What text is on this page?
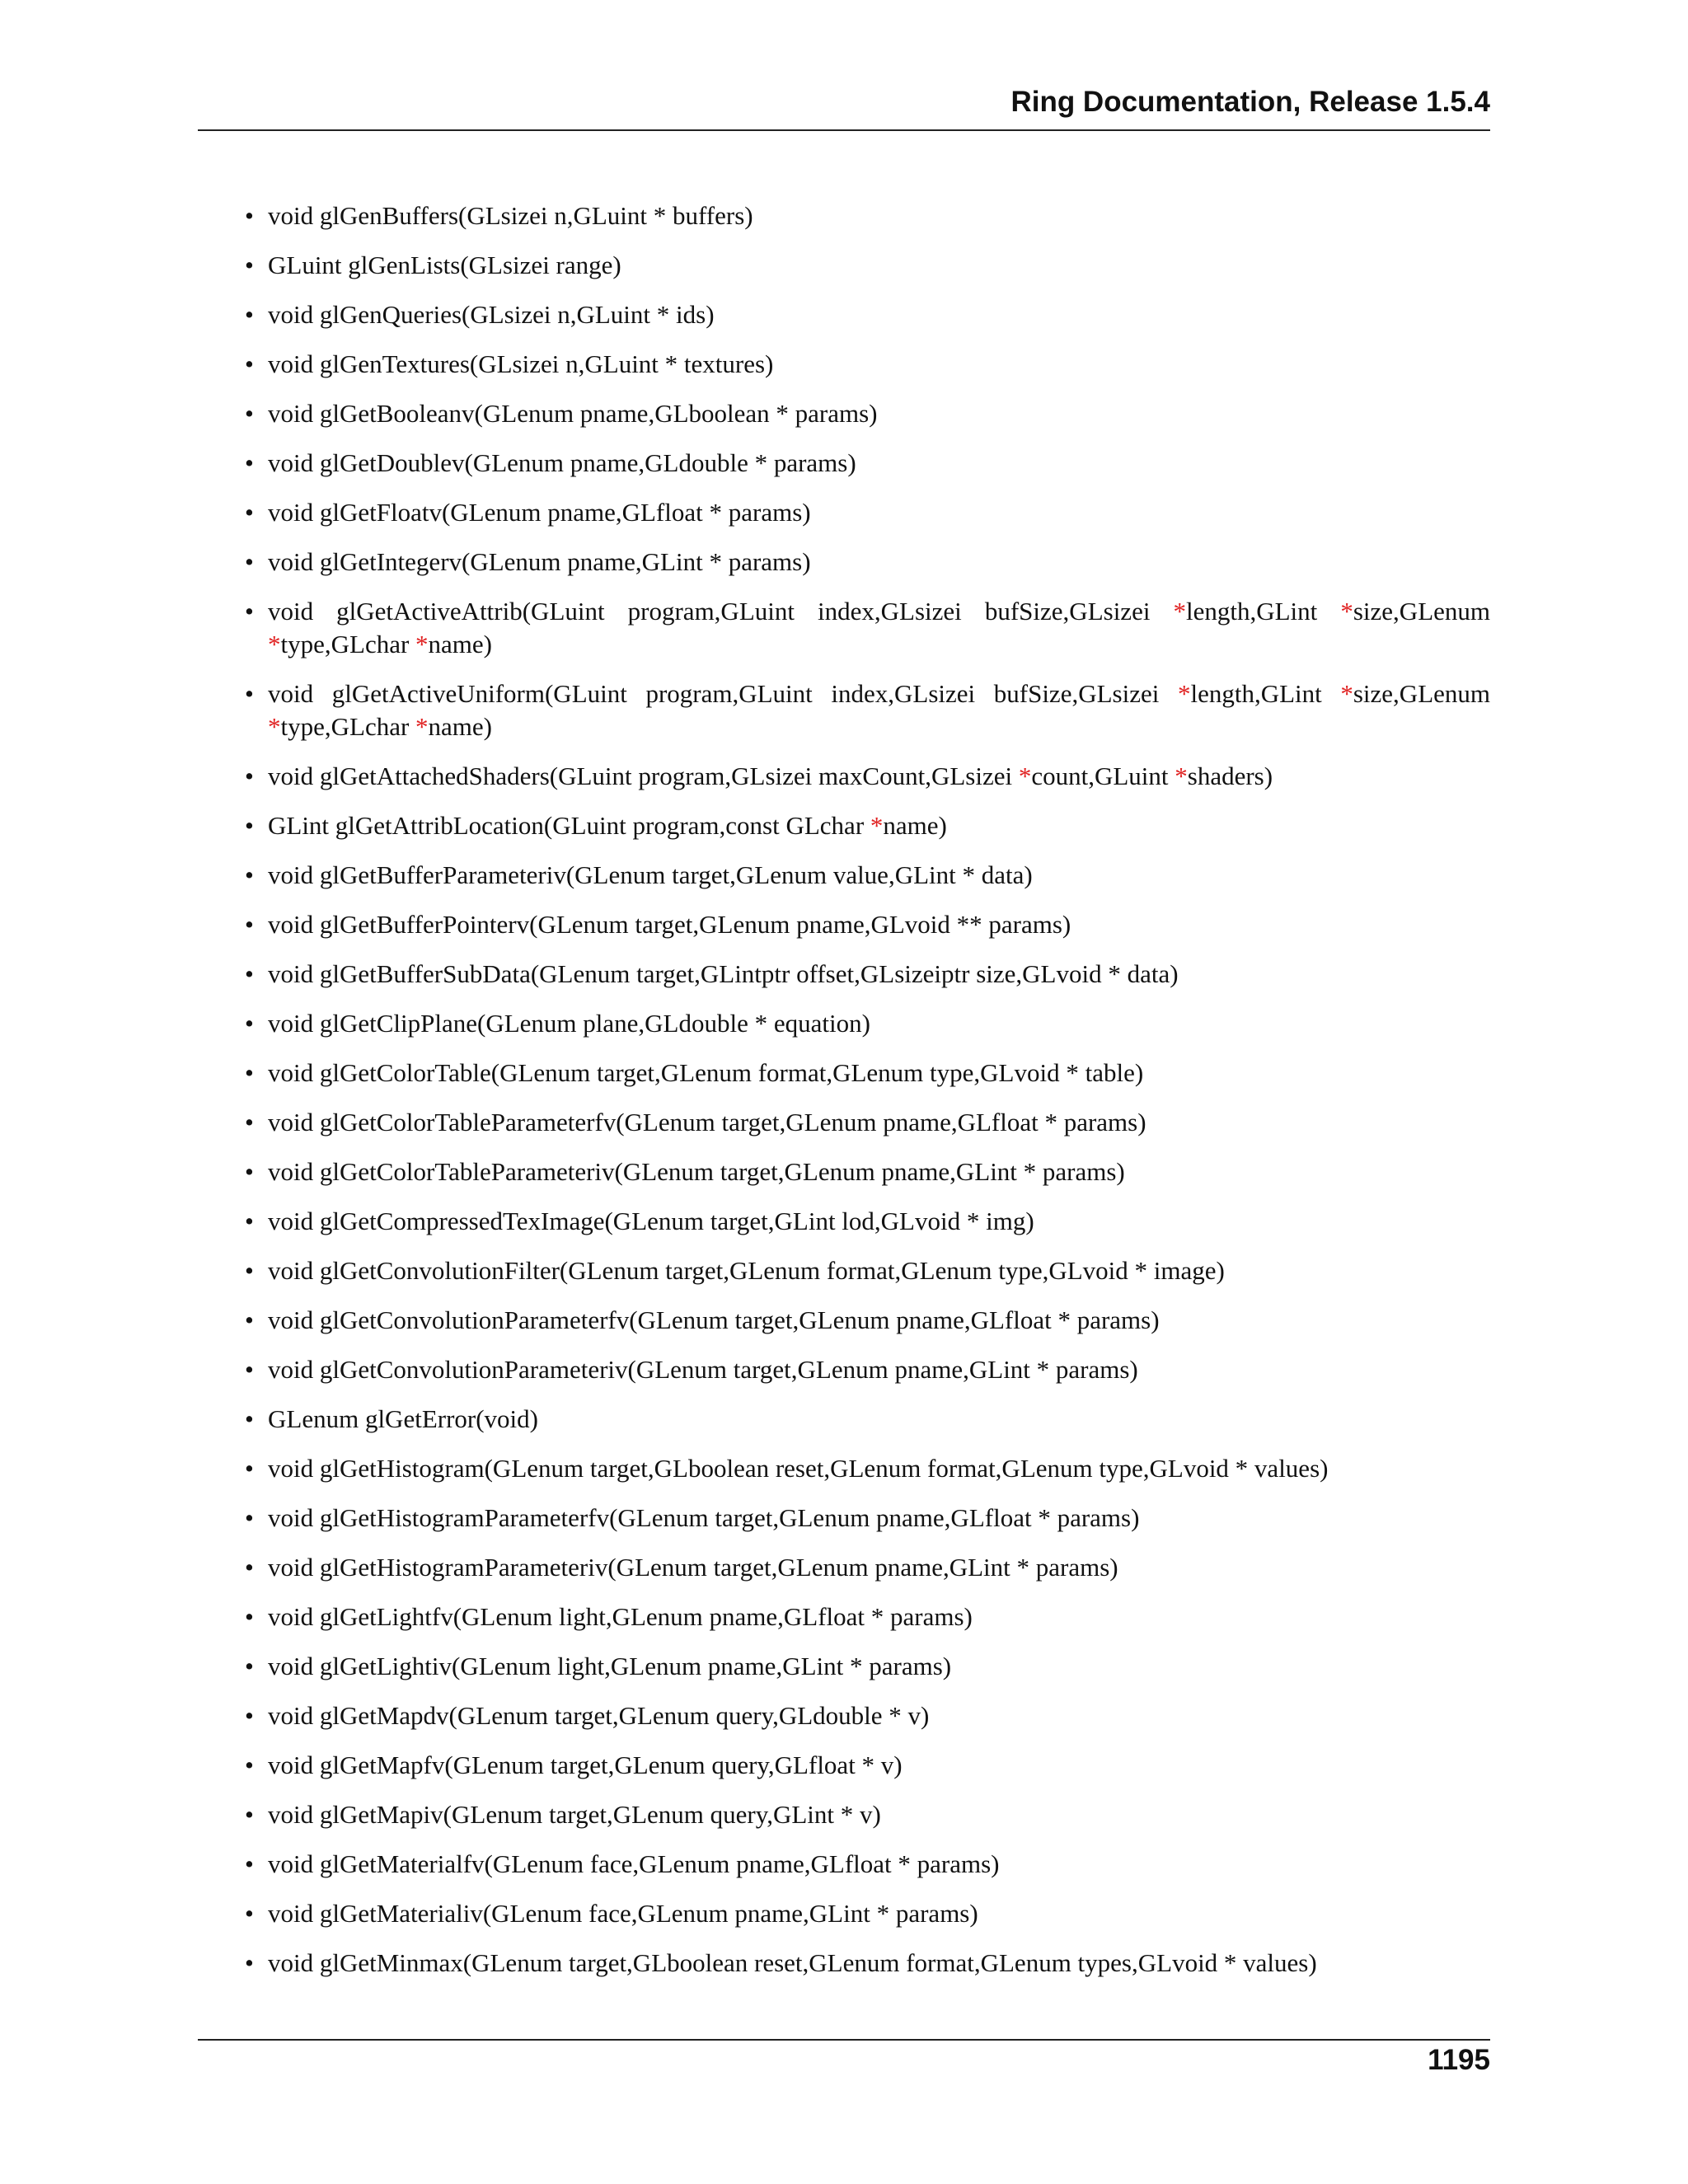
Ring Documentation, Release 1.5.4
• void glGenBuffers(GLsizei n,GLuint * buffers)
• GLuint glGenLists(GLsizei range)
• void glGenQueries(GLsizei n,GLuint * ids)
• void glGenTextures(GLsizei n,GLuint * textures)
• void glGetBooleanv(GLenum pname,GLboolean * params)
• void glGetDoublev(GLenum pname,GLdouble * params)
• void glGetFloatv(GLenum pname,GLfloat * params)
• void glGetIntegerv(GLenum pname,GLint * params)
• void glGetActiveAttrib(GLuint program,GLuint index,GLsizei bufSize,GLsizei *length,GLint *size,GLenum *type,GLchar *name)
• void glGetActiveUniform(GLuint program,GLuint index,GLsizei bufSize,GLsizei *length,GLint *size,GLenum *type,GLchar *name)
• void glGetAttachedShaders(GLuint program,GLsizei maxCount,GLsizei *count,GLuint *shaders)
• GLint glGetAttribLocation(GLuint program,const GLchar *name)
• void glGetBufferParameteriv(GLenum target,GLenum value,GLint * data)
• void glGetBufferPointerv(GLenum target,GLenum pname,GLvoid ** params)
• void glGetBufferSubData(GLenum target,GLintptr offset,GLsizeiptr size,GLvoid * data)
• void glGetClipPlane(GLenum plane,GLdouble * equation)
• void glGetColorTable(GLenum target,GLenum format,GLenum type,GLvoid * table)
• void glGetColorTableParameterfv(GLenum target,GLenum pname,GLfloat * params)
• void glGetColorTableParameteriv(GLenum target,GLenum pname,GLint * params)
• void glGetCompressedTexImage(GLenum target,GLint lod,GLvoid * img)
• void glGetConvolutionFilter(GLenum target,GLenum format,GLenum type,GLvoid * image)
• void glGetConvolutionParameterfv(GLenum target,GLenum pname,GLfloat * params)
• void glGetConvolutionParameteriv(GLenum target,GLenum pname,GLint * params)
• GLenum glGetError(void)
• void glGetHistogram(GLenum target,GLboolean reset,GLenum format,GLenum type,GLvoid * values)
• void glGetHistogramParameterfv(GLenum target,GLenum pname,GLfloat * params)
• void glGetHistogramParameteriv(GLenum target,GLenum pname,GLint * params)
• void glGetLightfv(GLenum light,GLenum pname,GLfloat * params)
• void glGetLightiv(GLenum light,GLenum pname,GLint * params)
• void glGetMapdv(GLenum target,GLenum query,GLdouble * v)
• void glGetMapfv(GLenum target,GLenum query,GLfloat * v)
• void glGetMapiv(GLenum target,GLenum query,GLint * v)
• void glGetMaterialfv(GLenum face,GLenum pname,GLfloat * params)
• void glGetMaterialiv(GLenum face,GLenum pname,GLint * params)
• void glGetMinmax(GLenum target,GLboolean reset,GLenum format,GLenum types,GLvoid * values)
1195
